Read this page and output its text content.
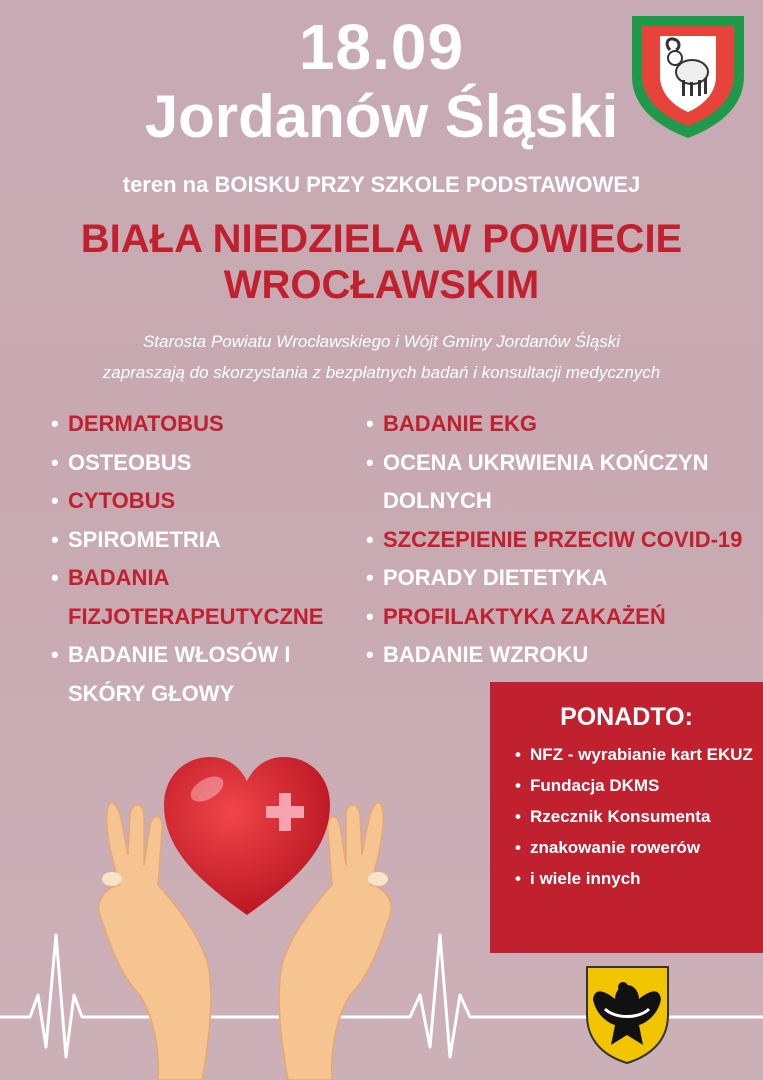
18.09
Jordanów Śląski
teren na BOISKU PRZY SZKOLE PODSTAWOWEJ
BIAŁA NIEDZIELA W POWIECIE WROCŁAWSKIM
Starosta Powiatu Wrocławskiego i Wójt Gminy Jordanów Śląski
zapraszają do skorzystania z bezpłatnych badań i konsultacji medycznych
• DERMATOBUS
• OSTEOBUS
• CYTOBUS
• SPIROMETRIA
• BADANIA FIZJOTERAPEUTYCZNE
• BADANIE WŁOSÓW I SKÓRY GŁOWY
• BADANIE EKG
• OCENA UKRWIENIA KOŃCZYN DOLNYCH
• SZCZEPIENIE PRZECIW COVID-19
• PORADY DIETETYKA
• PROFILAKTYKA ZAKAŻEŃ
• BADANIE WZROKU
PONADTO:
• NFZ - wyrabianie kart EKUZ
• Fundacja DKMS
• Rzecznik Konsumenta
• znakowanie rowerów
• i wiele innych
